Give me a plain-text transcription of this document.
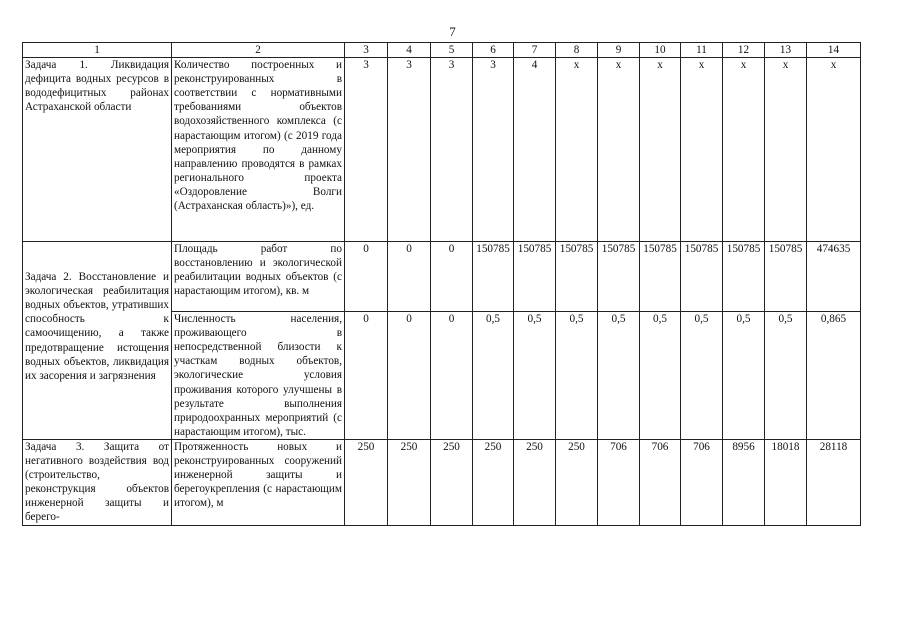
7
1	2	3	4	5	6	7	8	9	10	11	12	13	14
Задача 1. Ликвидация дефицита водных ресурсов в вододефицитных районах Астраханской области	Количество построенных и реконструированных в соответствии с нормативными требованиями объектов водохозяйственного комплекса (с нарастающим итогом) (с 2019 года мероприятия по данному направлению проводятся в рамках регионального проекта «Оздоровление Волги (Астраханская область)»), ед.	3	3	3	3	4	x	x	x	x	x	x	x

Задача 2. Восстановление и экологическая реабилитация водных объектов, утративших способность к самоочищению, а также предотвращение истощения водных объектов, ликвидация их засорения и загрязнения	Площадь работ по восстановлению и экологической реабилитации водных объектов (с нарастающим итогом), кв. м	0	0	0	150785	150785	150785	150785	150785	150785	150785	150785	474635
	Численность населения, проживающего в непосредственной близости к участкам водных объектов, экологические условия проживания которого улучшены в результате выполнения природоохранных мероприятий (с нарастающим итогом), тыс.	0	0	0	0,5	0,5	0,5	0,5	0,5	0,5	0,5	0,5	0,865
Задача 3. Защита от негативного воздействия вод (строительство, реконструкция объектов инженерной защиты и берего-	Протяженность новых и реконструированных сооружений инженерной защиты и берегоукрепления (с нарастающим итогом), м	250	250	250	250	250	250	706	706	706	8956	18018	28118
